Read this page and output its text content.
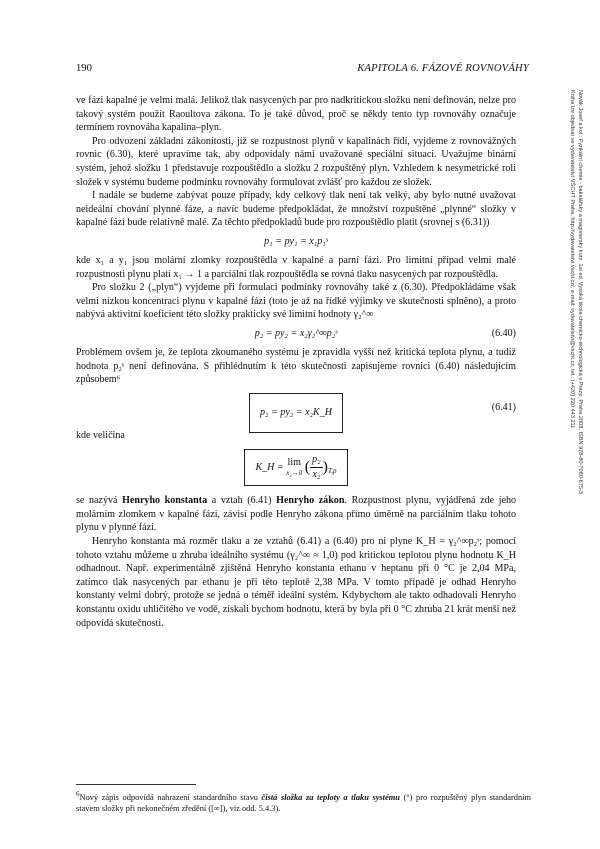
190	KAPITOLA 6. FÁZOVÉ ROVNOVÁHY

ve fázi kapalné je velmi malá. Jelikož tlak nasycených par pro nadkritickou složku není definován, nelze pro takový systém použít Raoultova zákona. To je také důvod, proč se někdy tento typ rovnováhy označuje termínem rovnováha kapalina–plyn.

Pro odvození základní zákonitosti, jíž se rozpustnost plynů v kapalinách řídí, vyjdeme z rovnovážných rovnic (6.30), které upravíme tak, aby odpovídaly námi uvažované speciální situaci. Uvažujme binární systém, jehož složku 1 představuje rozpouštědlo a složku 2 rozpuštěný plyn. Vzhledem k nesymetrické roli složek v systému budeme podmínku rovnováhy formulovat zvlášť pro každou ze složek.

I nadále se budeme zabývat pouze případy, kdy celkový tlak není tak velký, aby bylo nutné uvažovat neideální chování plynné fáze, a navíc budeme předpokládat, že množství rozpuštěné „plynné“ složky v kapalné fázi bude relativně malé. Za těchto předpokladů bude pro rozpouštědlo platit (srovnej s (6.31))

p₁ = py₁ = x₁p₁ˢ

kde x₁ a y₁ jsou molární zlomky rozpouštědla v kapalné a parní fázi. Pro limitní případ velmi malé rozpustnosti plynu platí x₁ → 1 a parciální tlak rozpouštědla se rovná tlaku nasycených par rozpouštědla.

Pro složku 2 („plyn“) vyjdeme při formulaci podmínky rovnováhy také z (6.30). Předpokládáme však velmi nízkou koncentraci plynu v kapalné fázi (toto je až na řídké výjimky ve skutečnosti splněno), a proto nabývá aktivitní koeficient této složky prakticky své limitní hodnoty γ₂^∞

p₂ = py₂ = x₂γ₂^∞p₂ˢ	(6.40)

Problémem ovšem je, že teplota zkoumaného systému je zpravidla vyšší než kritická teplota plynu, a tudíž hodnota p₂ˢ není definována. S přihlédnutím k této skutečnosti zapisujeme rovnici (6.40) následujícím způsobem⁶

p₂ = py₂ = x₂K_H	(6.41)

kde veličina

K_H = lim
x₂→0 ( $\frac{\text{p₂}}{\text{x₂}} )_{T,p}$

se nazývá Henryho konstanta a vztah (6.41) Henryho zákon. Rozpustnost plynu, vyjádřená zde jeho molárním zlomkem v kapalné fázi, závisí podle Henryho zákona přímo úměrně na parciálním tlaku tohoto plynu v plynné fázi.

Henryho konstanta má rozměr tlaku a ze vztahů (6.41) a (6.40) pro ni plyne K_H = γ₂^∞p₂ˢ; pomocí tohoto vztahu můžeme u zhruba ideálního systému (γ₂^∞ ≈ 1,0) pod kritickou teplotou plynu hodnotu K_H odhadnout. Např. experimentálně zjištěná Henryho konstanta ethanu v heptanu při 0 °C je 2,04 MPa, zatímco tlak nasycených par ethanu je při této teplotě 2,38 MPa. V tomto případě je odhad Henryho konstanty velmi dobrý, protože se jedná o téměř ideální systém. Kdybychom ale takto odhadovali Henryho konstantu oxidu uhličitého ve vodě, získali bychom hodnotu, která by byla při 0 °C zhruba 21 krát menší než odpovídá skutečnosti.

$^6$Nový zápis odpovídá nahrazení standardního stavu čistá složka za teploty a tlaku systému (°) pro rozpuštěný plyn standardním stavem složky při nekonečném zředění ([∞]), viz odd. 5.4.3).
Novák Josef a kol.: Fyzikální chemie - bakalářský a magisterský kurz. 1st ed. Vysoká škola chemicko-technologická v Praze, Praha 2008. ISBN 978-80-7080-675-3
Kniha lze objednat ve vydavatelství VŠCHT Praha, http://vydavatelstvi.vscht.cz/, e-mail: vydavatelstvi@vscht.cz, tel.: (+420) 220 443 211
